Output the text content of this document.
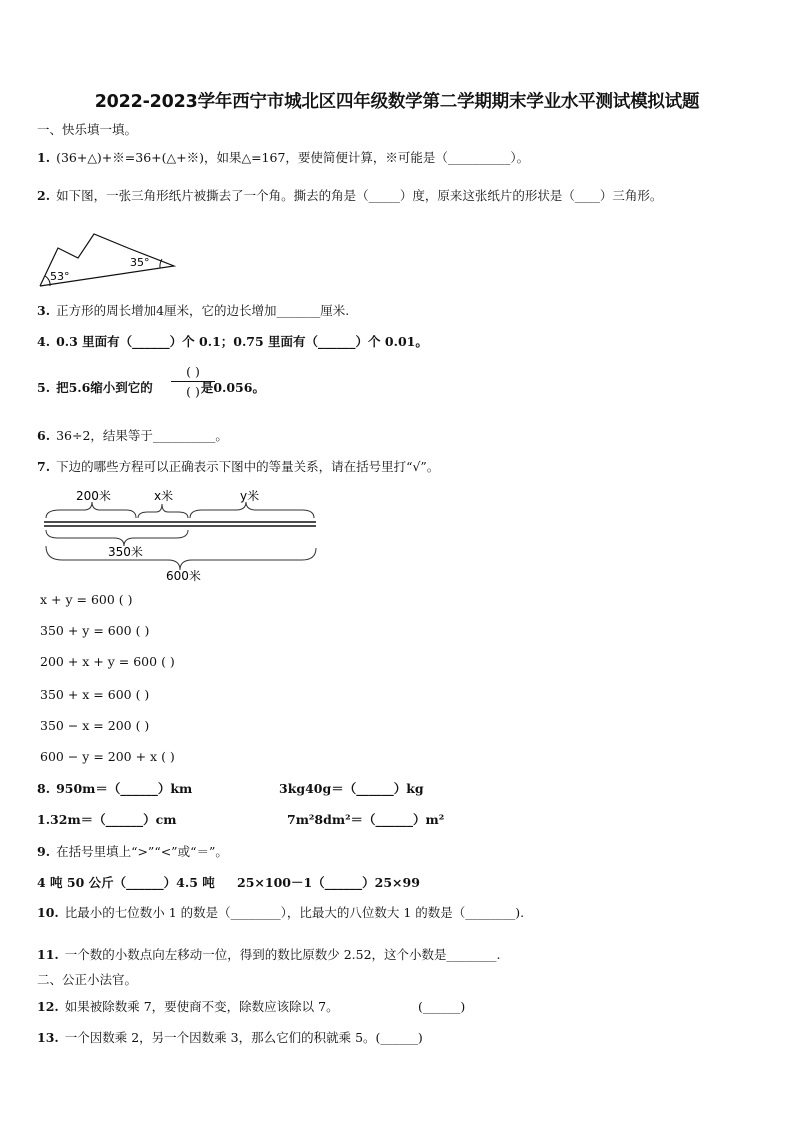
2022-2023学年西宁市城北区四年级数学第二学期期末学业水平测试模拟试题
一、快乐填一填。
1. (36+△)+※=36+(△+※)，如果△=167，要使简便计算，※可能是（__________）。
2. 如下图，一张三角形纸片被撕去了一个角。撕去的角是（_____）度，原来这张纸片的形状是（____）三角形。
53°
35°
3. 正方形的周长增加4厘米，它的边长增加_______厘米.
4. 0.3 里面有（______）个 0.1；0.75 里面有（______）个 0.01。
5. 把5.6缩小到它的	是0.056。
( )
( )
6. 36÷2，结果等于__________。
7. 下边的哪些方程可以正确表示下图中的等量关系，请在括号里打“√”。
200米	x米	y米
350米
600米
x + y = 600 ( )
350 + y = 600 ( )
200 + x + y = 600 ( )
350 + x = 600 ( )
350 − x = 200 ( )
600 − y = 200 + x ( )
8. 950m＝（______）km	3kg40g＝（______）kg
1.32m＝（______）cm	7m²8dm²＝（______）m²
9. 在括号里填上“>”“<”或“＝”。
4 吨 50 公斤（______）4.5 吨 25×100－1（______）25×99
10. 比最小的七位数小 1 的数是（________），比最大的八位数大 1 的数是（________).
11. 一个数的小数点向左移动一位，得到的数比原数少 2.52，这个小数是________.
二、公正小法官。
12. 如果被除数乘 7，要使商不变，除数应该除以 7。	(______)
13. 一个因数乘 2，另一个因数乘 3，那么它们的积就乘 5。(______)
